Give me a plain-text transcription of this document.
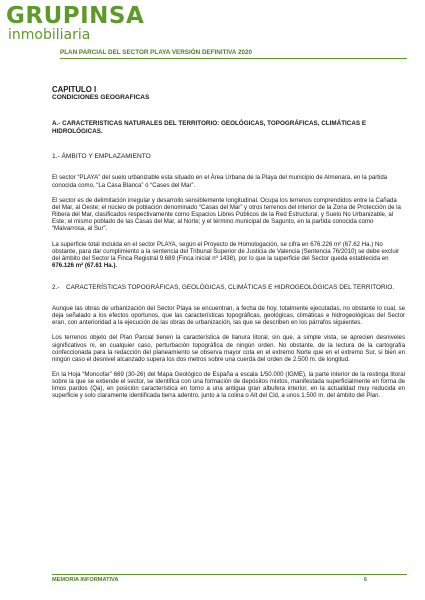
GRUPINSA
inmobiliaria
PLAN PARCIAL DEL SECTOR PLAYA VERSIÓN DEFINITIVA 2020
CAPITULO I
CONDICIONES GEOGRAFICAS
A.- CARACTERISTICAS NATURALES DEL TERRITORIO: GEOLÓGICAS, TOPOGRÁFICAS, CLIMÁTICAS E HIDROLÓGICAS.
1.- ÁMBITO Y EMPLAZAMIENTO

El sector “PLAYA” del suelo urbanizable esta situado en el Área Urbana de la Playa del municipio de Almenara, en la partida conocida como, “La Casa Blanca” ó “Cases del Mar”.

El sector es de delimitación irregular y desarrollo sensiblemente longitudinal. Ocupa los terrenos comprendidos entre la Cañada del Mar, al Oeste; el núcleo de población denominado “Casas del Mar” y otros terrenos del interior de la Zona de Protección de la Ribera del Mar, clasificados respectivamente como Espacios Libres Públicos de la Red Estructural, y Suelo No Urbanizable, al Este; el mismo poblado de las Casas del Mar, al Norte; y el término municipal de Sagunto, en la partida conocida como “Malvarrosa, al Sur”.

La superficie total incluida en el sector PLAYA, según el Proyecto de Homologación, se cifra en 676.226 m² (67.62 Ha.) No obstante, para dar cumplimiento a la sentencia del Tribunal Superior de Justicia de Valencia (Sentencia 76/2010) se debe excluir del ámbito del Sector la Finca Registral 9.689 (Finca inicial nº 1438), por lo que la superficie del Sector queda establecida en 676.126 m² (67.61 Ha.).

2.-	CARACTERÍSTICAS TOPOGRÁFICAS, GEOLÓGICAS, CLIMÁTICAS E HIDROGEOLÓGICAS DEL TERRITORIO.

Aunque las obras de urbanización del Sector Playa se encuentran, a fecha de hoy, totalmente ejecutadas, no obstante lo cual, se deja señalado a los efectos oportunos, que las características topográficas, geológicas, climáticas e hidrogeológicas del Sector eran, con anterioridad a la ejecución de las obras de urbanización, las que se describen en los párrafos siguientes.

Los terrenos objeto del Plan Parcial tienen la característica de llanura litoral, sin que, a simple vista, se aprecien desniveles significativos ni, en cualquier caso, perturbación topográfica de ningún orden. No obstante, de la lectura de la cartografía confeccionada para la redacción del planeamiento se observa mayor cota en el extremo Norte que en el extremo Sur, si bien en ningún caso el desnivel alcanzado supera los dos metros sobre una cuerda del orden de 2.500 m. de longitud.

En la Hoja “Moncofar” 669 (30-26) del Mapa Geológico de España a escala 1/50.000 (IGME), la parte interior de la restinga litoral sobre la que se extiende el sector, se identifica con una formación de depósitos mixtos, manifestada superficialmente en forma de limos pardos (Qa), en posición característica en torno a una antigua gran albufera interior, en la actualidad muy reducida en superficie y solo claramente identificada tierra adentro, junto a la colina o Alt del Cid, a unos 1.500 m. del ámbito del Plan.

MEMORIA INFORMATIVA	6
